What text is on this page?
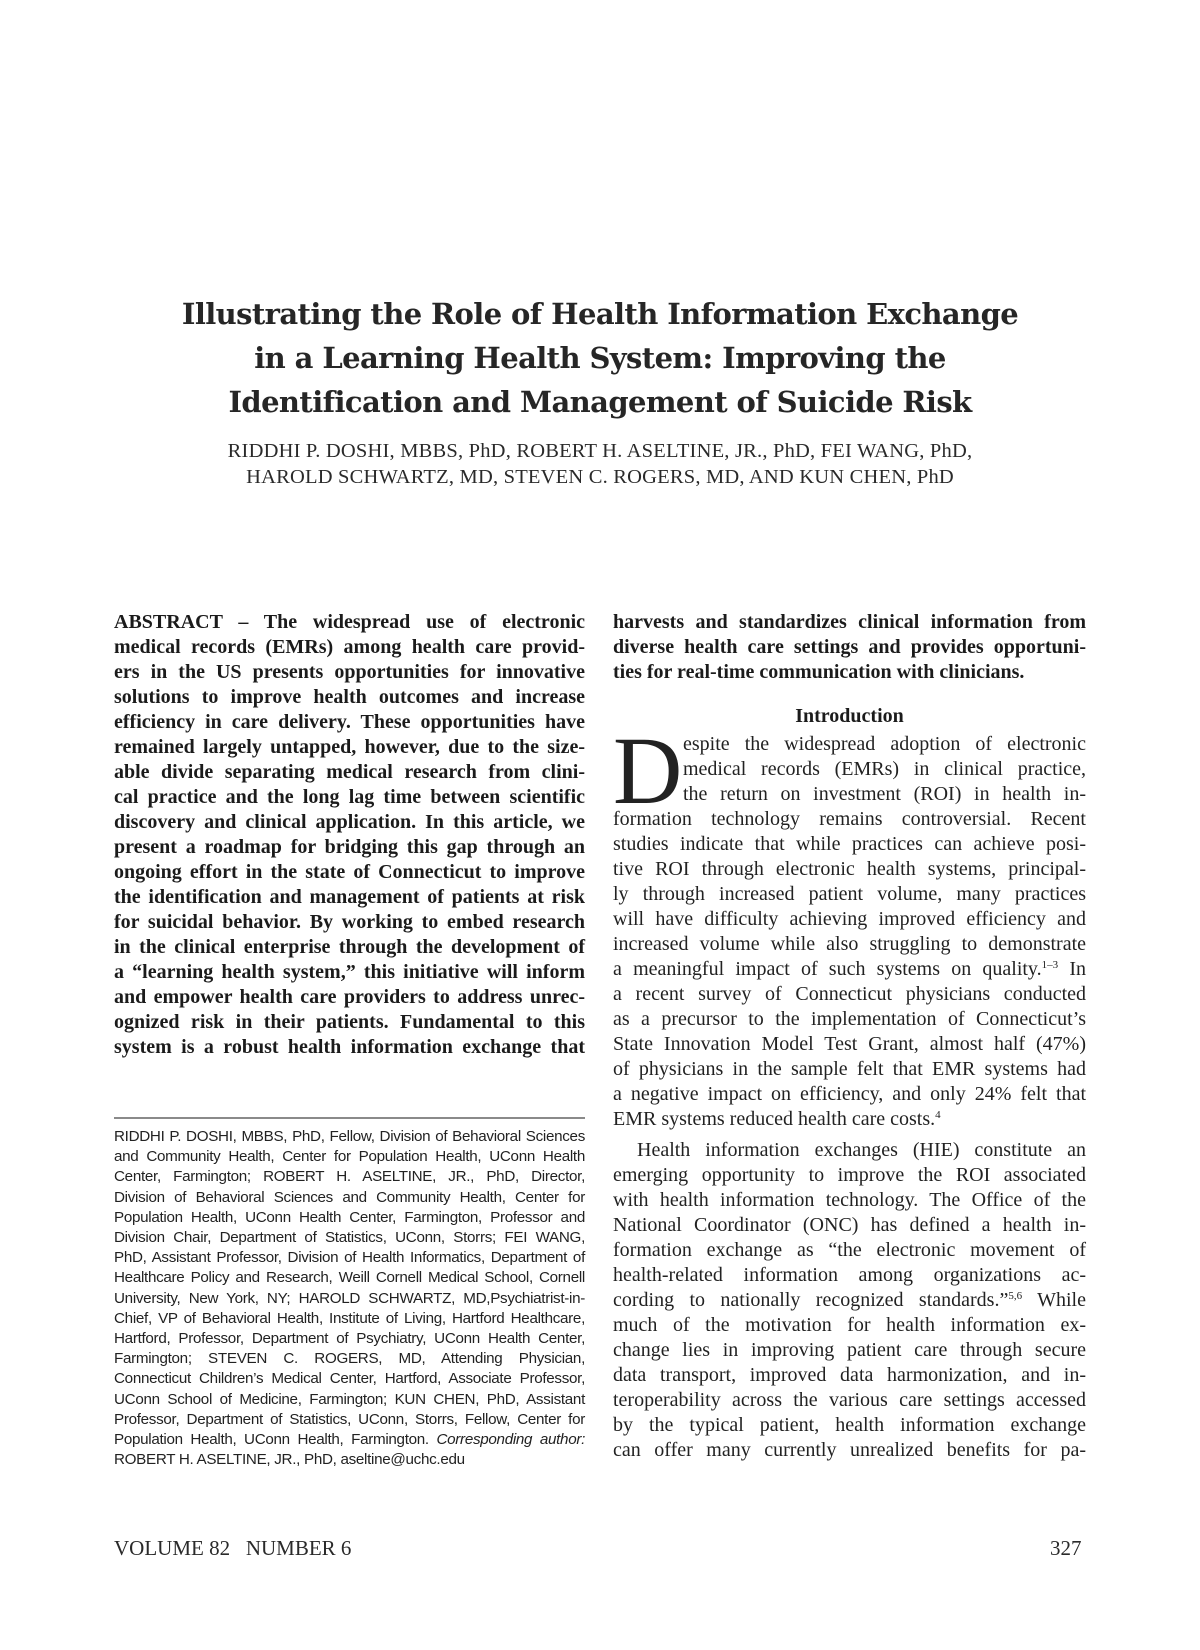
Illustrating the Role of Health Information Exchange
in a Learning Health System: Improving the
Identification and Management of Suicide Risk
RIDDHI P. DOSHI, MBBS, PhD, ROBERT H. ASELTINE, JR., PhD, FEI WANG, PhD,
HAROLD SCHWARTZ, MD, STEVEN C. ROGERS, MD, AND KUN CHEN, PhD
ABSTRACT – The widespread use of electronic
medical records (EMRs) among health care provid-
ers in the US presents opportunities for innovative
solutions to improve health outcomes and increase
efficiency in care delivery. These opportunities have
remained largely untapped, however, due to the size-
able divide separating medical research from clini-
cal practice and the long lag time between scientific
discovery and clinical application. In this article, we
present a roadmap for bridging this gap through an
ongoing effort in the state of Connecticut to improve
the identification and management of patients at risk
for suicidal behavior. By working to embed research
in the clinical enterprise through the development of
a “learning health system,” this initiative will inform
and empower health care providers to address unrec-
ognized risk in their patients. Fundamental to this
system is a robust health information exchange that
RIDDHI P. DOSHI, MBBS, PhD, Fellow, Division of Behavioral Sciences
and Community Health, Center for Population Health, UConn Health
Center, Farmington; ROBERT H. ASELTINE, JR., PhD, Director,
Division of Behavioral Sciences and Community Health, Center for
Population Health, UConn Health Center, Farmington, Professor and
Division Chair, Department of Statistics, UConn, Storrs; FEI WANG,
PhD, Assistant Professor, Division of Health Informatics, Department of
Healthcare Policy and Research, Weill Cornell Medical School, Cornell
University, New York, NY; HAROLD SCHWARTZ, MD,Psychiatrist-in-
Chief, VP of Behavioral Health, Institute of Living, Hartford Healthcare,
Hartford, Professor, Department of Psychiatry, UConn Health Center,
Farmington; STEVEN C. ROGERS, MD, Attending Physician,
Connecticut Children’s Medical Center, Hartford, Associate Professor,
UConn School of Medicine, Farmington; KUN CHEN, PhD, Assistant
Professor, Department of Statistics, UConn, Storrs, Fellow, Center for
Population Health, UConn Health, Farmington. Corresponding author:
ROBERT H. ASELTINE, JR., PhD, aseltine@uchc.edu
harvests and standardizes clinical information from
diverse health care settings and provides opportuni-
ties for real-time communication with clinicians.
Introduction
D espite the widespread adoption of electronic
medical records (EMRs) in clinical practice,
the return on investment (ROI) in health in-
formation technology remains controversial. Recent
studies indicate that while practices can achieve posi-
tive ROI through electronic health systems, principal-
ly through increased patient volume, many practices
will have difficulty achieving improved efficiency and
increased volume while also struggling to demonstrate
a meaningful impact of such systems on quality.$^{1-3}$ In
a recent survey of Connecticut physicians conducted
as a precursor to the implementation of Connecticut’s
State Innovation Model Test Grant, almost half (47%)
of physicians in the sample felt that EMR systems had
a negative impact on efficiency, and only 24% felt that
EMR systems reduced health care costs.$^4$
Health information exchanges (HIE) constitute an
emerging opportunity to improve the ROI associated
with health information technology. The Office of the
National Coordinator (ONC) has defined a health in-
formation exchange as “the electronic movement of
health-related information among organizations ac-
cording to nationally recognized standards.”$^{5,6}$ While
much of the motivation for health information ex-
change lies in improving patient care through secure
data transport, improved data harmonization, and in-
teroperability across the various care settings accessed
by the typical patient, health information exchange
can offer many currently unrealized benefits for pa-
VOLUME 82   NUMBER 6	327
